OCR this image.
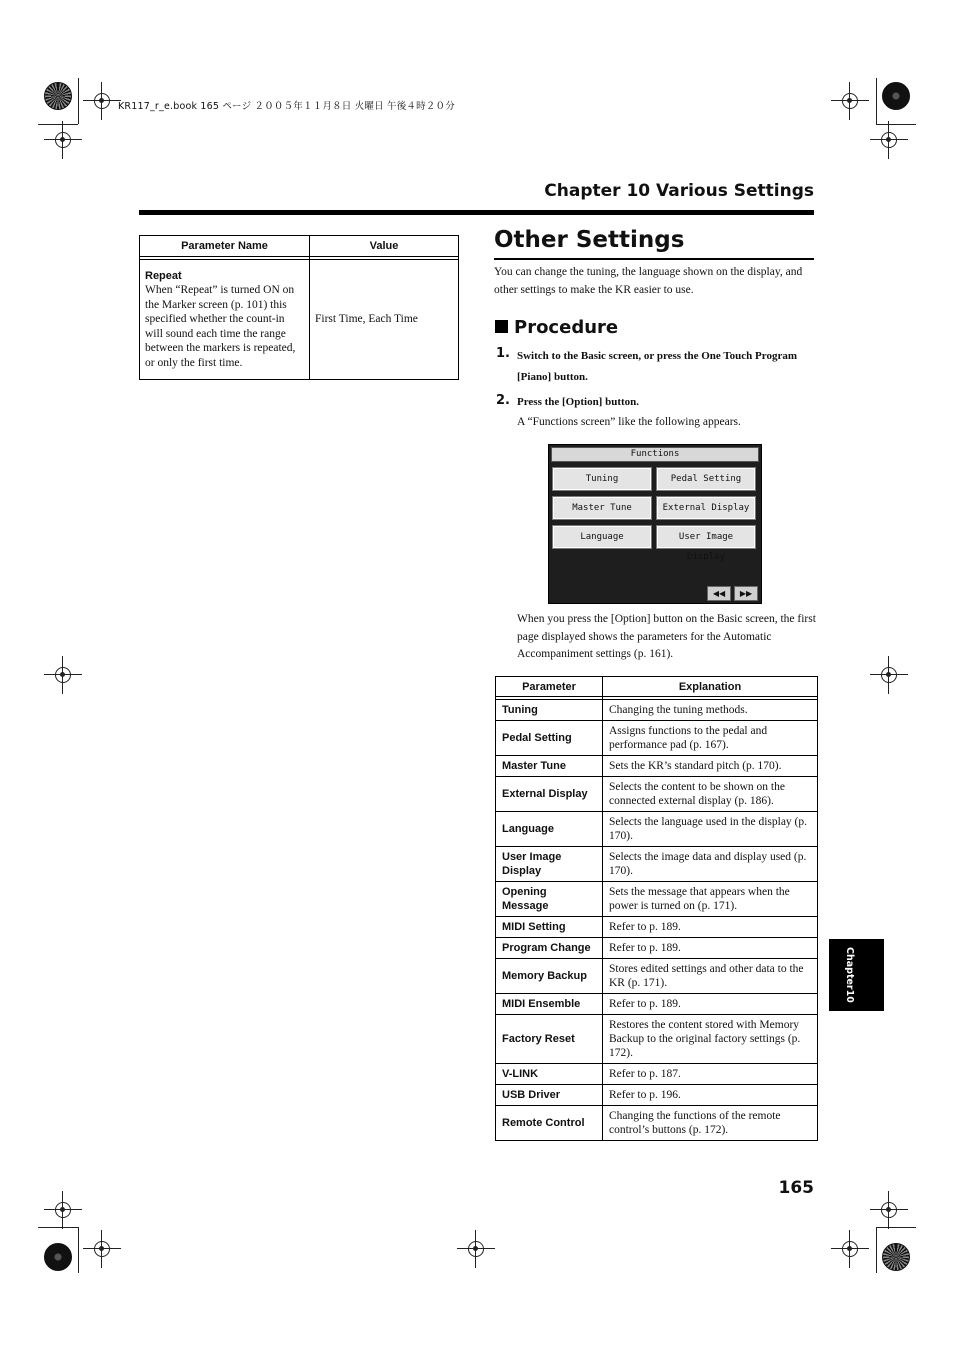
KR117_r_e.book 165 ページ ２００５年１１月８日 火曜日 午後４時２０分
Chapter 10 Various Settings
Parameter Name	Value

Repeat
When “Repeat” is turned ON on the Marker screen (p. 101) this specified whether the count-in will sound each time the range between the markers is repeated, or only the first time.	First Time, Each Time
Other Settings
You can change the tuning, the language shown on the display, and other settings to make the KR easier to use.
Procedure
1. Switch to the Basic screen, or press the One Touch Program [Piano] button.
2. Press the [Option] button.
A “Functions screen” like the following appears.
Functions
Tuning	Pedal Setting
Master Tune	External Display
Language	User Image Display
◀◀	▶▶
When you press the [Option] button on the Basic screen, the first page displayed shows the parameters for the Automatic Accompaniment settings (p. 161).
Parameter	Explanation

Tuning	Changing the tuning methods.
Pedal Setting	Assigns functions to the pedal and performance pad (p. 167).
Master Tune	Sets the KR’s standard pitch (p. 170).
External Display	Selects the content to be shown on the connected external display (p. 186).
Language	Selects the language used in the display (p. 170).
User Image Display	Selects the image data and display used (p. 170).
Opening Message	Sets the message that appears when the power is turned on (p. 171).
MIDI Setting	Refer to p. 189.
Program Change	Refer to p. 189.
Memory Backup	Stores edited settings and other data to the KR (p. 171).
MIDI Ensemble	Refer to p. 189.
Factory Reset	Restores the content stored with Memory Backup to the original factory settings (p. 172).
V-LINK	Refer to p. 187.
USB Driver	Refer to p. 196.
Remote Control	Changing the functions of the remote control’s buttons (p. 172).
165
Chapter10
